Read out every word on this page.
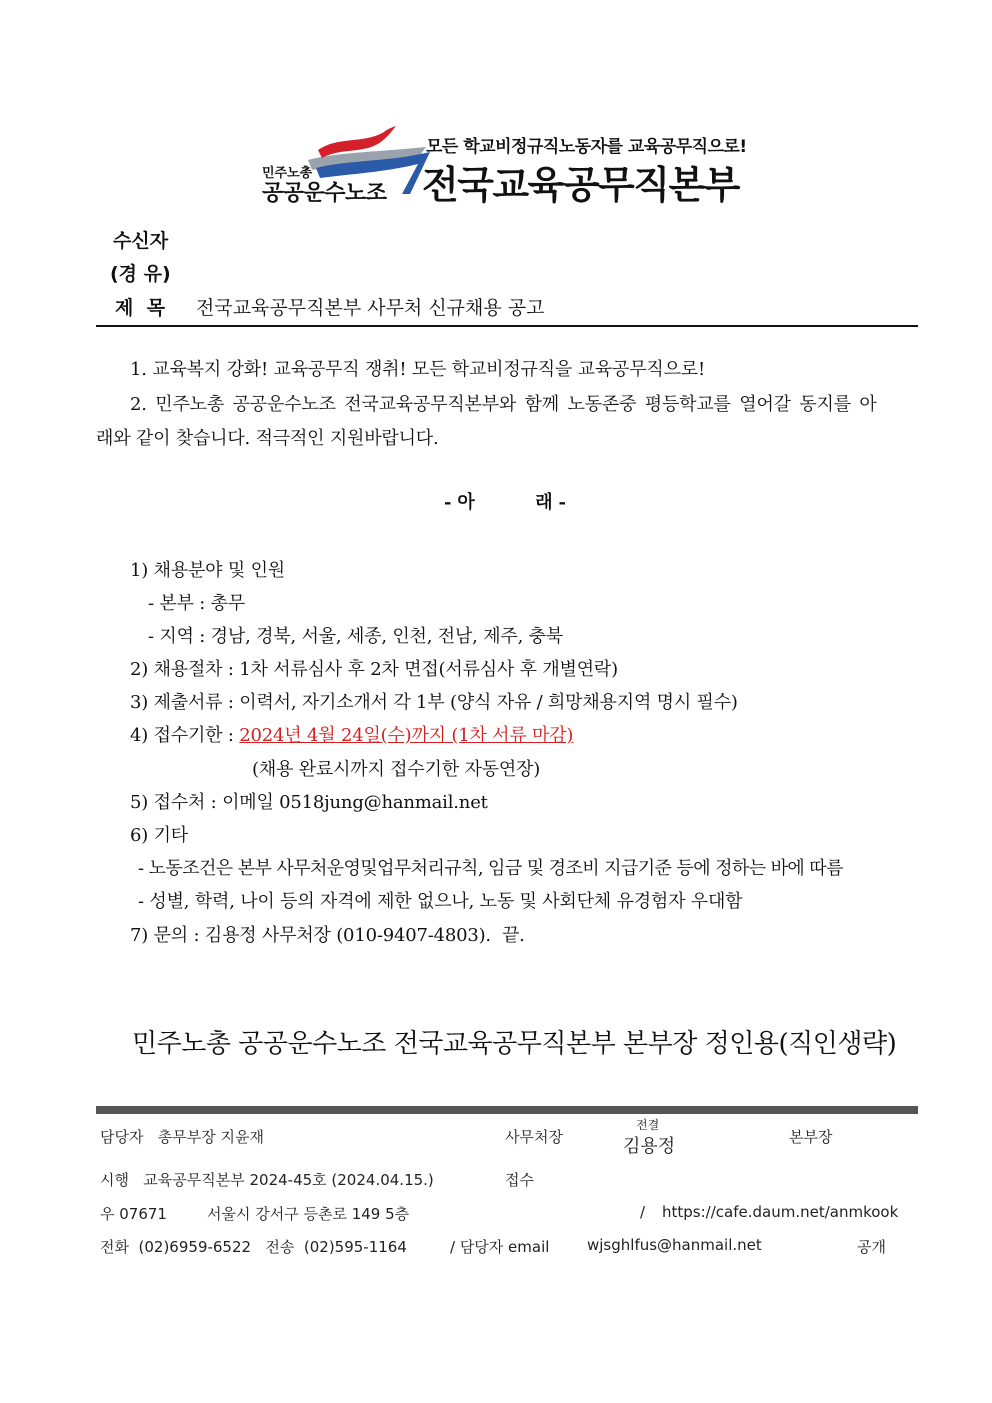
민주노총
공공운수노조
모든 학교비정규직노동자를 교육공무직으로!
전국교육공무직본부
수신자
(경 유)
제  목 전국교육공무직본부 사무처 신규채용 공고
1. 교육복지 강화! 교육공무직 쟁취! 모든 학교비정규직을 교육공무직으로!
2. 민주노총 공공운수노조 전국교육공무직본부와 함께 노동존중 평등학교를 열어갈 동지를 아
래와 같이 찾습니다. 적극적인 지원바랍니다.
- 아          래 -
1) 채용분야 및 인원
- 본부 : 총무
- 지역 : 경남, 경북, 서울, 세종, 인천, 전남, 제주, 충북
2) 채용절차 : 1차 서류심사 후 2차 면접(서류심사 후 개별연락)
3) 제출서류 : 이력서, 자기소개서 각 1부 (양식 자유 / 희망채용지역 명시 필수)
4) 접수기한 : 2024년 4월 24일(수)까지 (1차 서류 마감)
(채용 완료시까지 접수기한 자동연장)
5) 접수처 : 이메일 0518jung@hanmail.net
6) 기타
- 노동조건은 본부 사무처운영및업무처리규칙, 임금 및 경조비 지급기준 등에 정하는 바에 따름
- 성별, 학력, 나이 등의 자격에 제한 없으나, 노동 및 사회단체 유경험자 우대함
7) 문의 : 김용정 사무처장 (010-9407-4803).  끝.
민주노총 공공운수노조 전국교육공무직본부 본부장 정인용(직인생략)
담당자   총무부장 지윤재	사무처장
전결
김용정	본부장
시행   교육공무직본부 2024-45호 (2024.04.15.)	접수
우 07671	서울시 강서구 등촌로 149 5층	/ https://cafe.daum.net/anmkook
전화  (02)6959-6522   전송  (02)595-1164	/ 담당자 email	wjsghlfus@hanmail.net	공개
